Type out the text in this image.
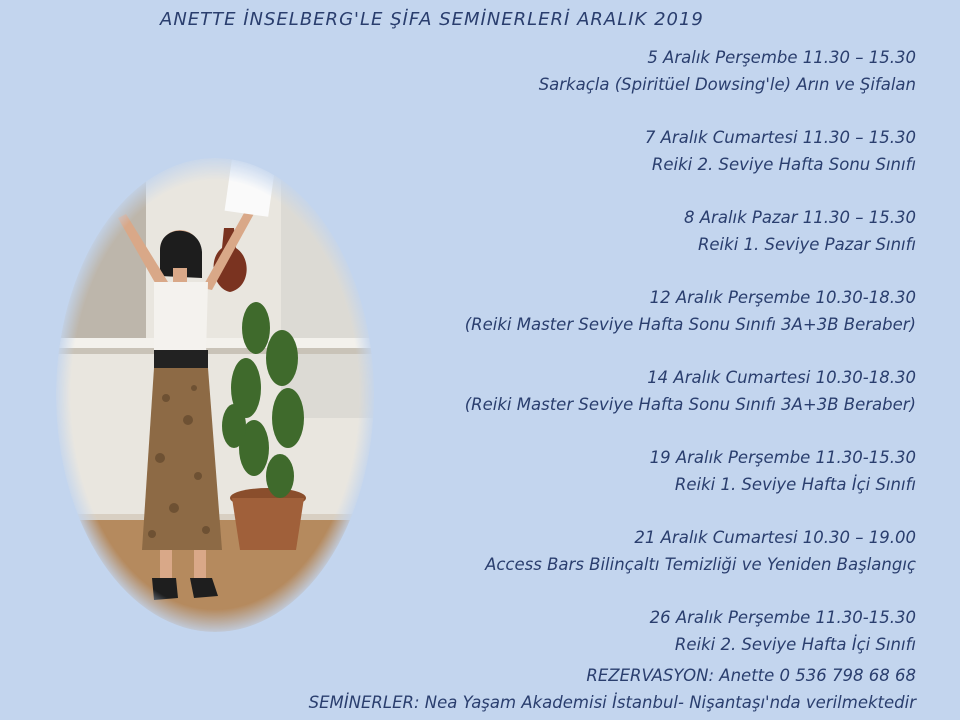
ANETTE İNSELBERG'LE ŞİFA SEMİNERLERİ ARALIK 2019
5 Aralık Perşembe 11.30 – 15.30
Sarkaçla (Spiritüel Dowsing'le) Arın ve Şifalan
7 Aralık Cumartesi 11.30 – 15.30
Reiki 2. Seviye Hafta Sonu Sınıfı
8 Aralık Pazar 11.30 – 15.30
Reiki 1. Seviye Pazar Sınıfı
12 Aralık Perşembe 10.30-18.30
(Reiki Master Seviye Hafta Sonu Sınıfı 3A+3B Beraber)
14 Aralık Cumartesi 10.30-18.30
(Reiki Master Seviye Hafta Sonu Sınıfı 3A+3B Beraber)
19 Aralık Perşembe 11.30-15.30
Reiki 1. Seviye Hafta İçi Sınıfı
21 Aralık Cumartesi 10.30 – 19.00
Access Bars Bilinçaltı Temizliği ve Yeniden Başlangıç
26 Aralık Perşembe 11.30-15.30
Reiki 2. Seviye Hafta İçi Sınıfı
REZERVASYON: Anette 0 536 798 68 68
SEMİNERLER: Nea Yaşam Akademisi İstanbul- Nişantaşı'nda verilmektedir
